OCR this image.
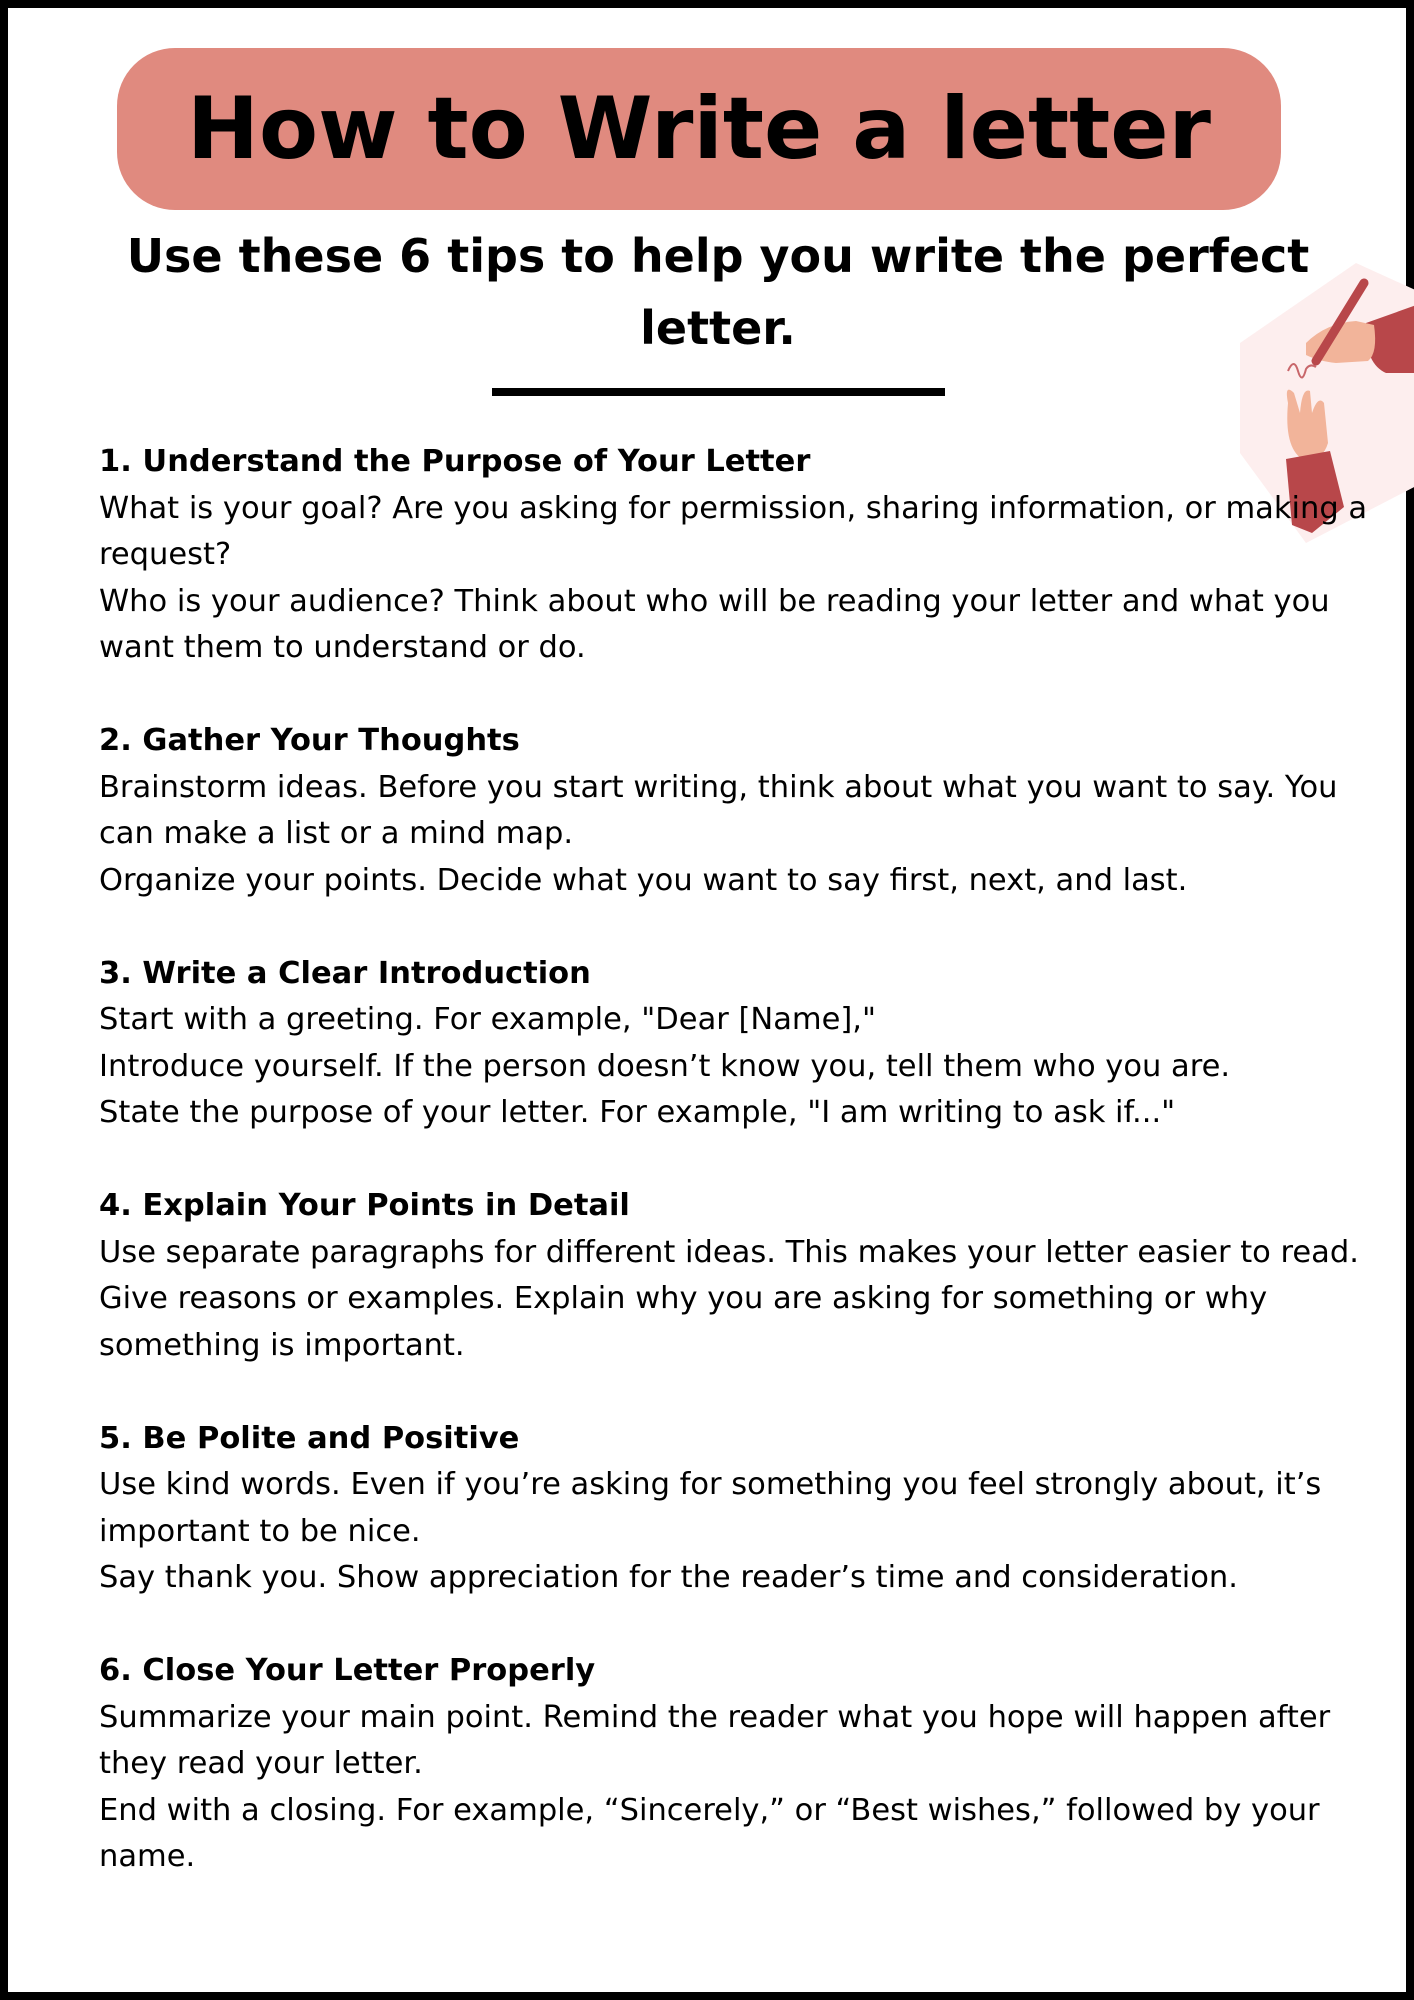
How to Write a letter
Use these 6 tips to help you write the perfect letter.

1. Understand the Purpose of Your Letter

What is your goal? Are you asking for permission, sharing information, or making a request?

Who is your audience? Think about who will be reading your letter and what you want them to understand or do.

2. Gather Your Thoughts

Brainstorm ideas. Before you start writing, think about what you want to say. You can make a list or a mind map.

Organize your points. Decide what you want to say first, next, and last.

3. Write a Clear Introduction

Start with a greeting. For example, "Dear [Name],"

Introduce yourself. If the person doesn’t know you, tell them who you are.

State the purpose of your letter. For example, "I am writing to ask if..."

4. Explain Your Points in Detail

Use separate paragraphs for different ideas. This makes your letter easier to read.

Give reasons or examples. Explain why you are asking for something or why something is important.

5. Be Polite and Positive

Use kind words. Even if you’re asking for something you feel strongly about, it’s important to be nice.

Say thank you. Show appreciation for the reader’s time and consideration.

6. Close Your Letter Properly

Summarize your main point. Remind the reader what you hope will happen after they read your letter.

End with a closing. For example, “Sincerely,” or “Best wishes,” followed by your name.
